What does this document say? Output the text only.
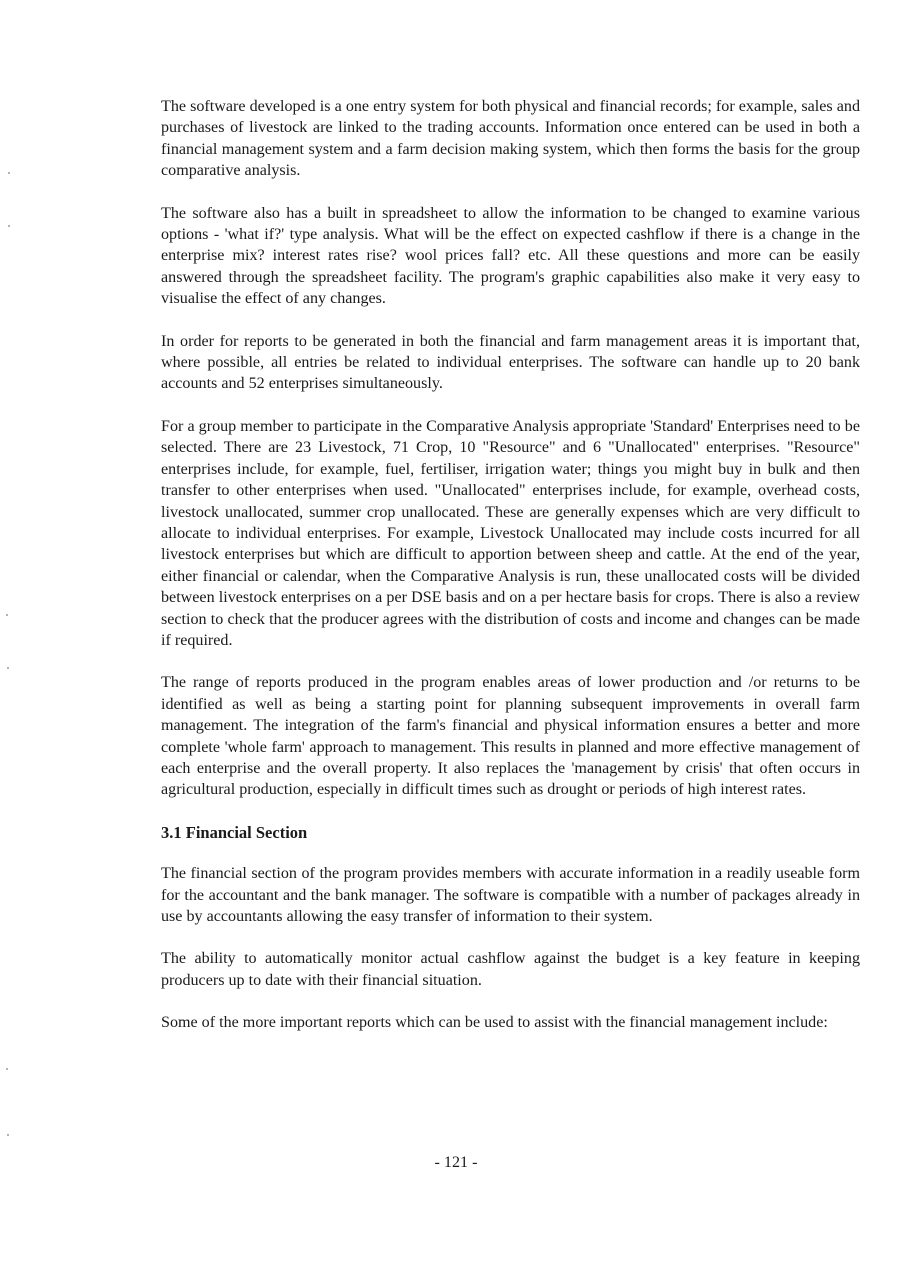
The software developed is a one entry system for both physical and financial records; for example, sales and purchases of livestock are linked to the trading accounts. Information once entered can be used in both a financial management system and a farm decision making system, which then forms the basis for the group comparative analysis.

The software also has a built in spreadsheet to allow the information to be changed to examine various options - 'what if?' type analysis. What will be the effect on expected cashflow if there is a change in the enterprise mix? interest rates rise? wool prices fall? etc. All these questions and more can be easily answered through the spreadsheet facility. The program's graphic capabilities also make it very easy to visualise the effect of any changes.

In order for reports to be generated in both the financial and farm management areas it is important that, where possible, all entries be related to individual enterprises. The software can handle up to 20 bank accounts and 52 enterprises simultaneously.

For a group member to participate in the Comparative Analysis appropriate 'Standard' Enterprises need to be selected. There are 23 Livestock, 71 Crop, 10 "Resource" and 6 "Unallocated" enterprises. "Resource" enterprises include, for example, fuel, fertiliser, irrigation water; things you might buy in bulk and then transfer to other enterprises when used. "Unallocated" enterprises include, for example, overhead costs, livestock unallocated, summer crop unallocated. These are generally expenses which are very difficult to allocate to individual enterprises. For example, Livestock Unallocated may include costs incurred for all livestock enterprises but which are difficult to apportion between sheep and cattle. At the end of the year, either financial or calendar, when the Comparative Analysis is run, these unallocated costs will be divided between livestock enterprises on a per DSE basis and on a per hectare basis for crops. There is also a review section to check that the producer agrees with the distribution of costs and income and changes can be made if required.

The range of reports produced in the program enables areas of lower production and /or returns to be identified as well as being a starting point for planning subsequent improvements in overall farm management. The integration of the farm's financial and physical information ensures a better and more complete 'whole farm' approach to management. This results in planned and more effective management of each enterprise and the overall property. It also replaces the 'management by crisis' that often occurs in agricultural production, especially in difficult times such as drought or periods of high interest rates.

3.1 Financial Section

The financial section of the program provides members with accurate information in a readily useable form for the accountant and the bank manager. The software is compatible with a number of packages already in use by accountants allowing the easy transfer of information to their system.

The ability to automatically monitor actual cashflow against the budget is a key feature in keeping producers up to date with their financial situation.

Some of the more important reports which can be used to assist with the financial management include:

- 121 -
